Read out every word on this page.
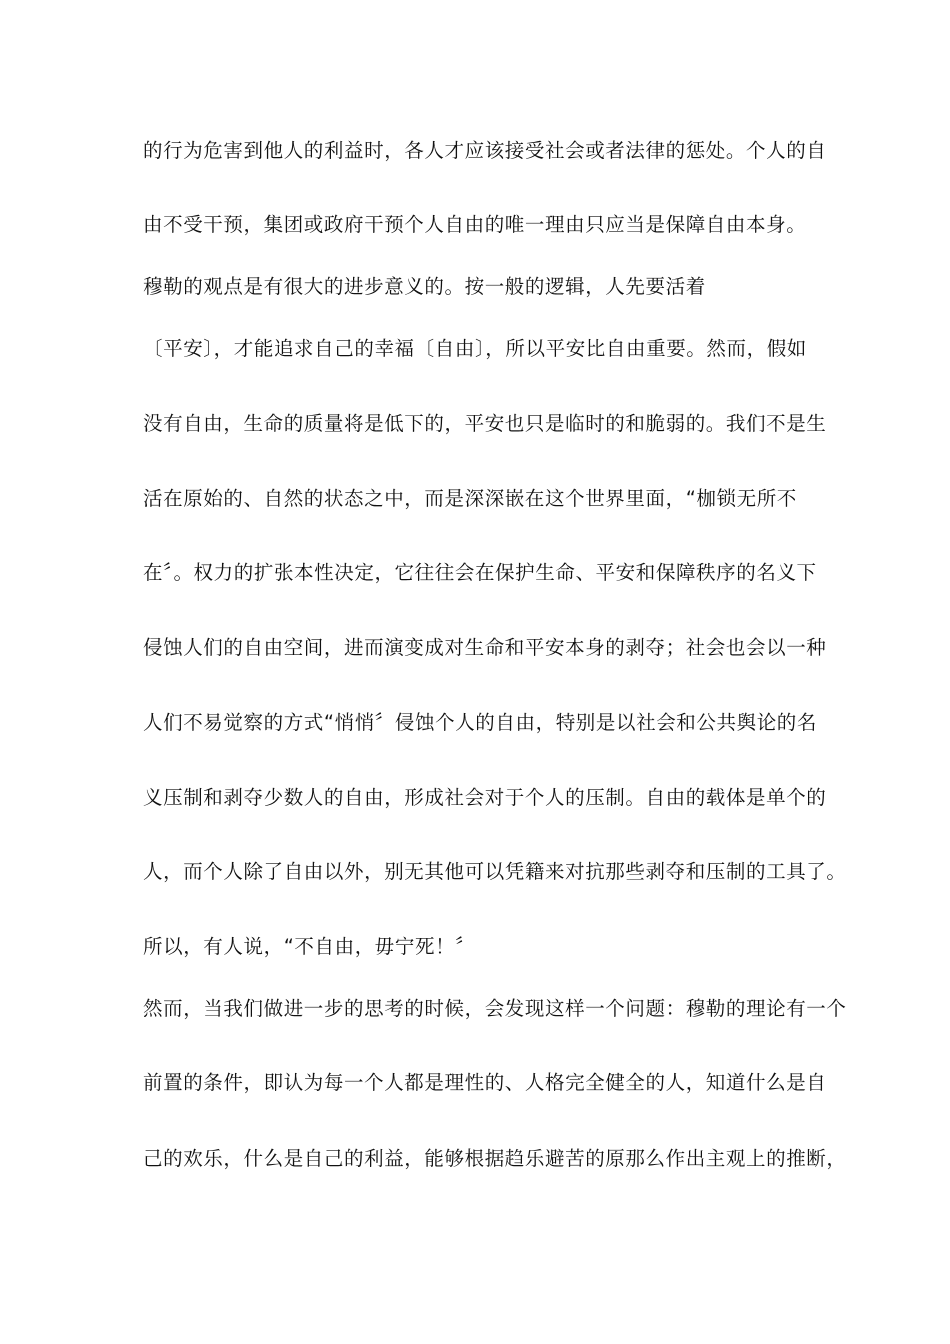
的行为危害到他人的利益时，各人才应该接受社会或者法律的惩处。个人的自
由不受干预，集团或政府干预个人自由的唯一理由只应当是保障自由本身。
穆勒的观点是有很大的进步意义的。按一般的逻辑，人先要活着
〔平安〕，才能追求自己的幸福〔自由〕，所以平安比自由重要。然而，假如
没有自由，生命的质量将是低下的，平安也只是临时的和脆弱的。我们不是生
活在原始的、自然的状态之中，而是深深嵌在这个世界里面，“枷锁无所不
在〞。权力的扩张本性决定，它往往会在保护生命、平安和保障秩序的名义下
侵蚀人们的自由空间，进而演变成对生命和平安本身的剥夺；社会也会以一种
人们不易觉察的方式“悄悄〞侵蚀个人的自由，特别是以社会和公共舆论的名
义压制和剥夺少数人的自由，形成社会对于个人的压制。自由的载体是单个的
人，而个人除了自由以外，别无其他可以凭籍来对抗那些剥夺和压制的工具了。
所以，有人说，“不自由，毋宁死！〞
然而，当我们做进一步的思考的时候，会发现这样一个问题：穆勒的理论有一个
前置的条件，即认为每一个人都是理性的、人格完全健全的人，知道什么是自
己的欢乐，什么是自己的利益，能够根据趋乐避苦的原那么作出主观上的推断，
